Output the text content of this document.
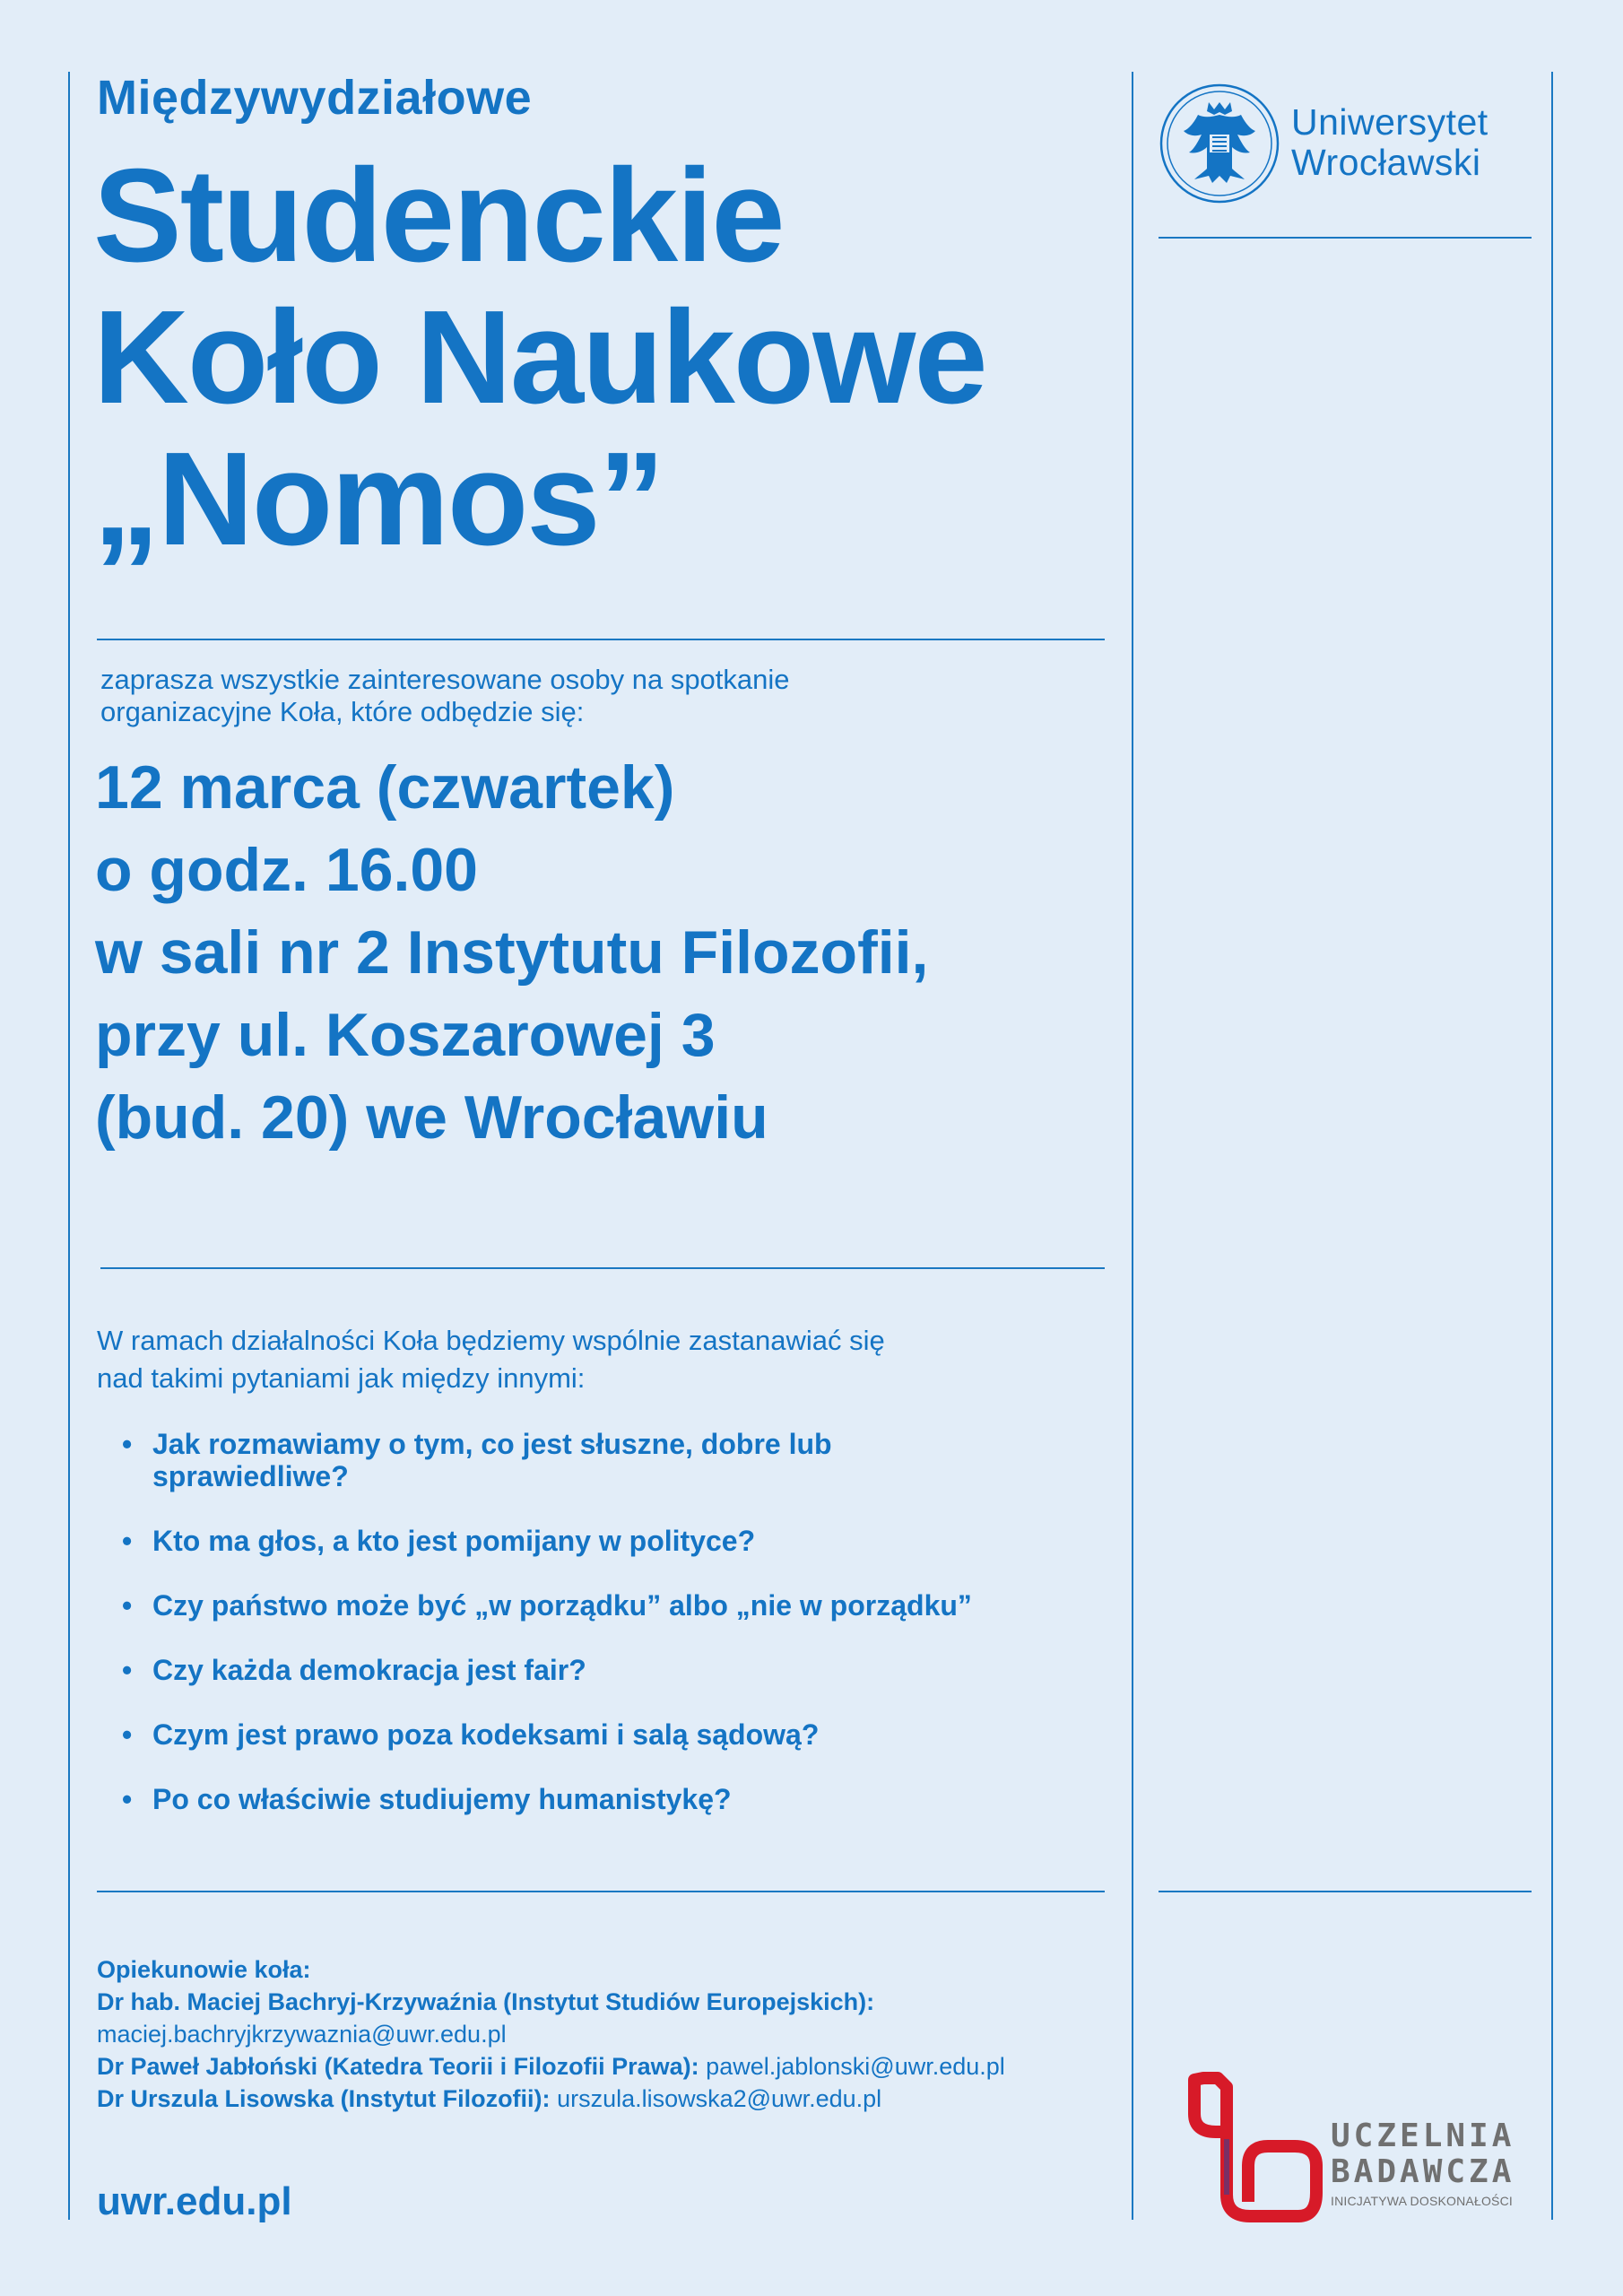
Międzywydziałowe
Studenckie
Koło Naukowe
„Nomos”
Uniwersytet
Wrocławski
zaprasza wszystkie zainteresowane osoby na spotkanie
organizacyjne Koła, które odbędzie się:
12 marca (czwartek)
o godz. 16.00
w sali nr 2 Instytutu Filozofii,
przy ul. Koszarowej 3
(bud. 20) we Wrocławiu
W ramach działalności Koła będziemy wspólnie zastanawiać się
nad takimi pytaniami jak między innymi:
• Jak rozmawiamy o tym, co jest słuszne, dobre lub sprawiedliwe?
• Kto ma głos, a kto jest pomijany w polityce?
• Czy państwo może być „w porządku” albo „nie w porządku”
• Czy każda demokracja jest fair?
• Czym jest prawo poza kodeksami i salą sądową?
• Po co właściwie studiujemy humanistykę?
Opiekunowie koła:
Dr hab. Maciej Bachryj-Krzywaźnia (Instytut Studiów Europejskich):
maciej.bachryjkrzywaznia@uwr.edu.pl
Dr Paweł Jabłoński (Katedra Teorii i Filozofii Prawa): pawel.jablonski@uwr.edu.pl
Dr Urszula Lisowska (Instytut Filozofii): urszula.lisowska2@uwr.edu.pl
uwr.edu.pl
UCZELNIA
BADAWCZA
INICJATYWA DOSKONAŁOŚCI
